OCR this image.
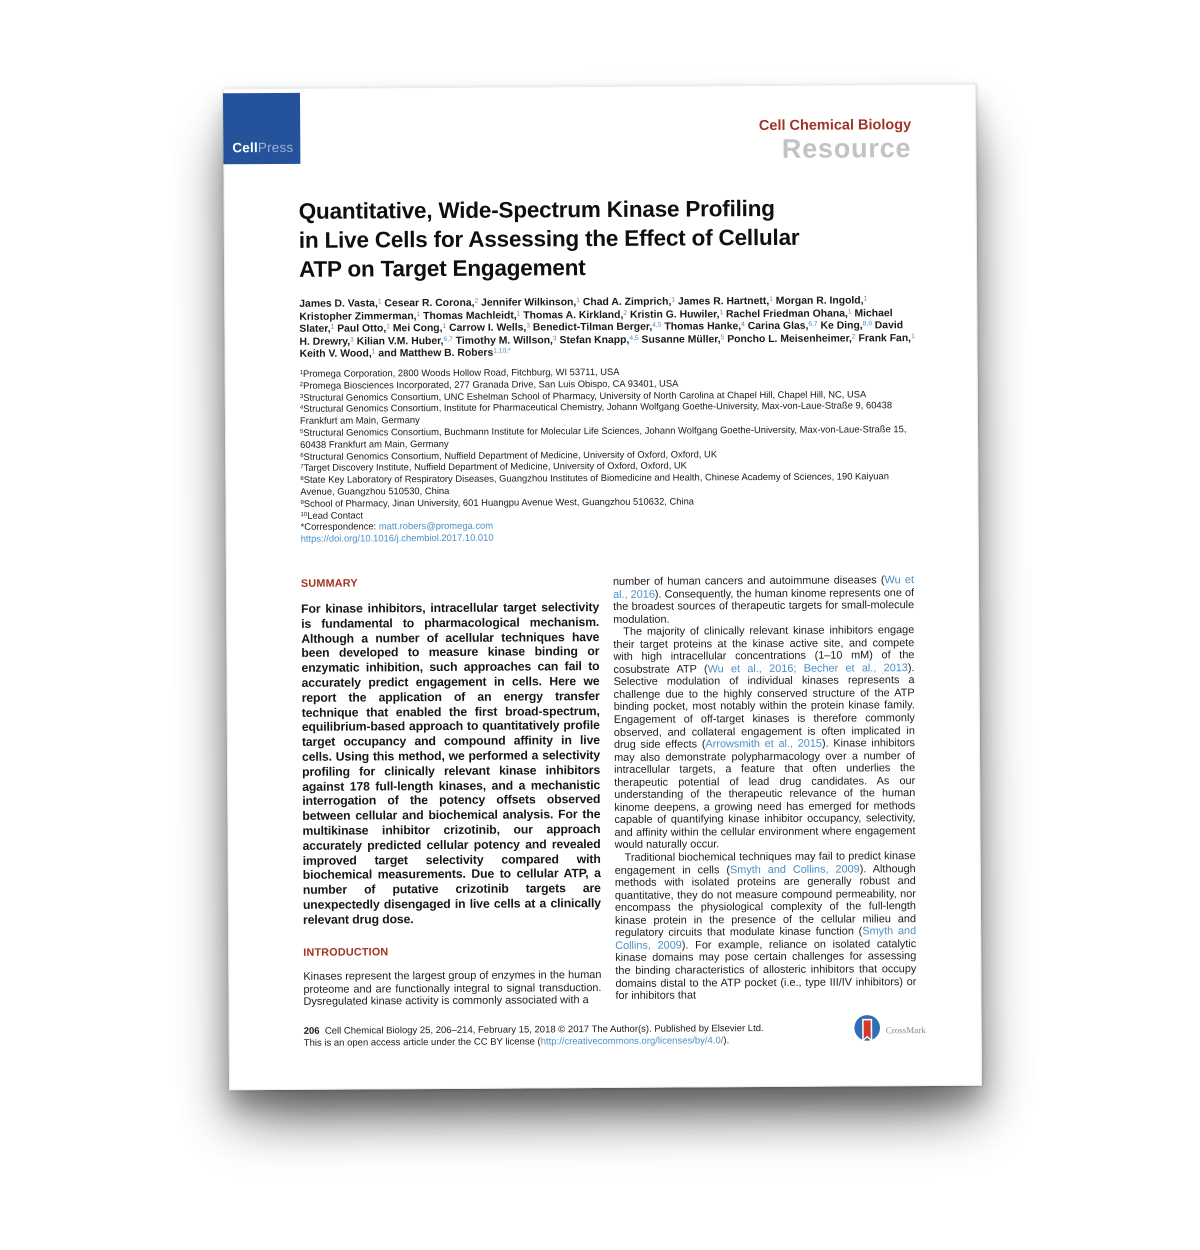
CellPress
Cell Chemical Biology
Resource
Quantitative, Wide-Spectrum Kinase Profiling
in Live Cells for Assessing the Effect of Cellular
ATP on Target Engagement
James D. Vasta,$^1$ Cesear R. Corona,$^2$ Jennifer Wilkinson,$^1$ Chad A. Zimprich,$^1$ James R. Hartnett,$^1$ Morgan R. Ingold,$^1$ Kristopher Zimmerman,$^1$ Thomas Machleidt,$^1$ Thomas A. Kirkland,$^2$ Kristin G. Huwiler,$^1$ Rachel Friedman Ohana,$^1$ Michael Slater,$^1$ Paul Otto,$^1$ Mei Cong,$^1$ Carrow I. Wells,$^3$ Benedict-Tilman Berger,$^{4,5}$ Thomas Hanke,$^4$ Carina Glas,$^{6,7}$ Ke Ding,$^{8,9}$ David H. Drewry,$^3$ Kilian V.M. Huber,$^{6,7}$ Timothy M. Willson,$^3$ Stefan Knapp,$^{4,5}$ Susanne Müller,$^5$ Poncho L. Meisenheimer,$^2$ Frank Fan,$^1$ Keith V. Wood,$^1$ and Matthew B. Robers$^{1,10,*}$
$^1$Promega Corporation, 2800 Woods Hollow Road, Fitchburg, WI 53711, USA
$^2$Promega Biosciences Incorporated, 277 Granada Drive, San Luis Obispo, CA 93401, USA
$^3$Structural Genomics Consortium, UNC Eshelman School of Pharmacy, University of North Carolina at Chapel Hill, Chapel Hill, NC, USA
$^4$Structural Genomics Consortium, Institute for Pharmaceutical Chemistry, Johann Wolfgang Goethe-University, Max-von-Laue-Straße 9, 60438 Frankfurt am Main, Germany
$^5$Structural Genomics Consortium, Buchmann Institute for Molecular Life Sciences, Johann Wolfgang Goethe-University, Max-von-Laue-Straße 15, 60438 Frankfurt am Main, Germany
$^6$Structural Genomics Consortium, Nuffield Department of Medicine, University of Oxford, Oxford, UK
$^7$Target Discovery Institute, Nuffield Department of Medicine, University of Oxford, Oxford, UK
$^8$State Key Laboratory of Respiratory Diseases, Guangzhou Institutes of Biomedicine and Health, Chinese Academy of Sciences, 190 Kaiyuan Avenue, Guangzhou 510530, China
$^9$School of Pharmacy, Jinan University, 601 Huangpu Avenue West, Guangzhou 510632, China
$^{10}$Lead Contact
*Correspondence: matt.robers@promega.com
https://doi.org/10.1016/j.chembiol.2017.10.010
SUMMARY
For kinase inhibitors, intracellular target selectivity is fundamental to pharmacological mechanism. Although a number of acellular techniques have been developed to measure kinase binding or enzymatic inhibition, such approaches can fail to accurately predict engagement in cells. Here we report the application of an energy transfer technique that enabled the first broad-spectrum, equilibrium-based approach to quantitatively profile target occupancy and compound affinity in live cells. Using this method, we performed a selectivity profiling for clinically relevant kinase inhibitors against 178 full-length kinases, and a mechanistic interrogation of the potency offsets observed between cellular and biochemical analysis. For the multikinase inhibitor crizotinib, our approach accurately predicted cellular potency and revealed improved target selectivity compared with biochemical measurements. Due to cellular ATP, a number of putative crizotinib targets are unexpectedly disengaged in live cells at a clinically relevant drug dose.
INTRODUCTION
Kinases represent the largest group of enzymes in the human proteome and are functionally integral to signal transduction. Dysregulated kinase activity is commonly associated with a

number of human cancers and autoimmune diseases (Wu et al., 2016). Consequently, the human kinome represents one of the broadest sources of therapeutic targets for small-molecule modulation.

The majority of clinically relevant kinase inhibitors engage their target proteins at the kinase active site, and compete with high intracellular concentrations (1–10 mM) of the cosubstrate ATP (Wu et al., 2016; Becher et al., 2013). Selective modulation of individual kinases represents a challenge due to the highly conserved structure of the ATP binding pocket, most notably within the protein kinase family. Engagement of off-target kinases is therefore commonly observed, and collateral engagement is often implicated in drug side effects (Arrowsmith et al., 2015). Kinase inhibitors may also demonstrate polypharmacology over a number of intracellular targets, a feature that often underlies the therapeutic potential of lead drug candidates. As our understanding of the therapeutic relevance of the human kinome deepens, a growing need has emerged for methods capable of quantifying kinase inhibitor occupancy, selectivity, and affinity within the cellular environment where engagement would naturally occur.

Traditional biochemical techniques may fail to predict kinase engagement in cells (Smyth and Collins, 2009). Although methods with isolated proteins are generally robust and quantitative, they do not measure compound permeability, nor encompass the physiological complexity of the full-length kinase protein in the presence of the cellular milieu and regulatory circuits that modulate kinase function (Smyth and Collins, 2009). For example, reliance on isolated catalytic kinase domains may pose certain challenges for assessing the binding characteristics of allosteric inhibitors that occupy domains distal to the ATP pocket (i.e., type III/IV inhibitors) or for inhibitors that

206  Cell Chemical Biology 25, 206–214, February 15, 2018 © 2017 The Author(s). Published by Elsevier Ltd.
This is an open access article under the CC BY license (http://creativecommons.org/licenses/by/4.0/).
CrossMark
